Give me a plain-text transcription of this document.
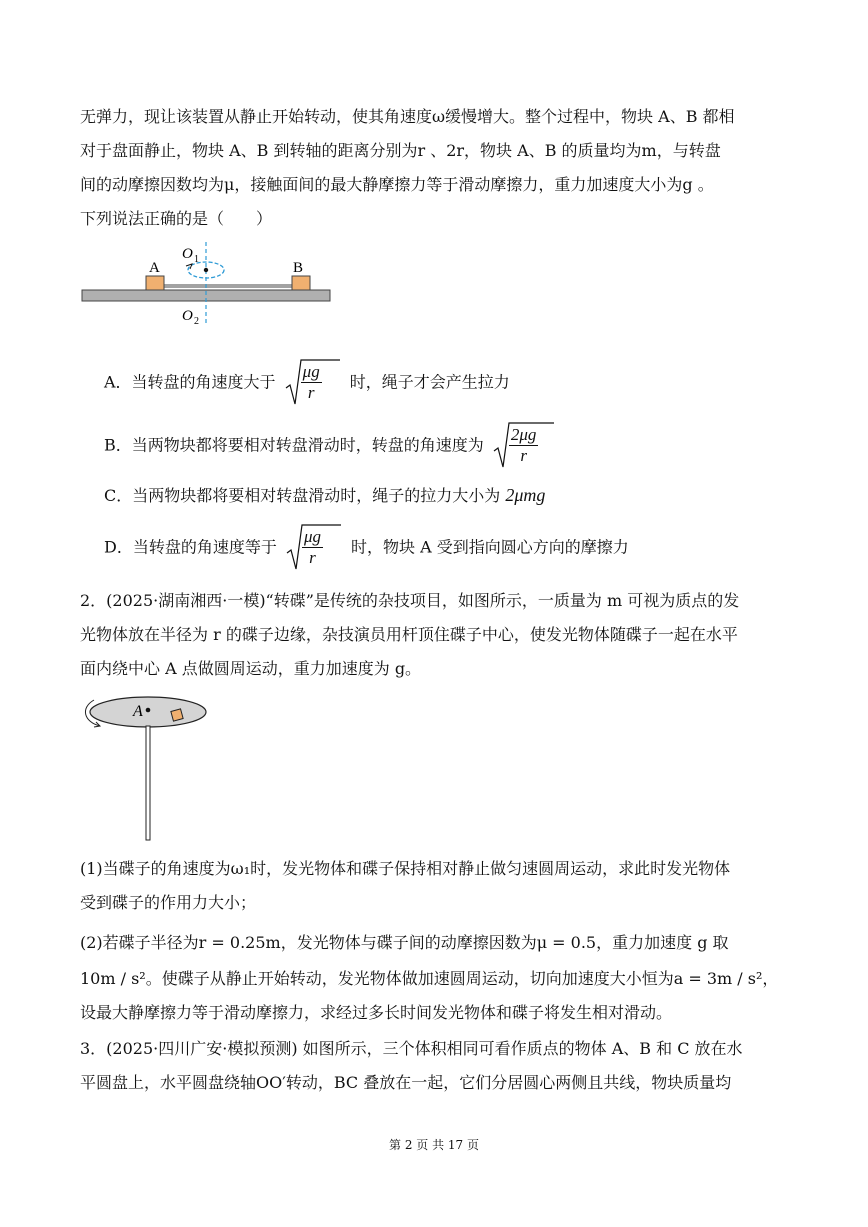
无弹力，现让该装置从静止开始转动，使其角速度ω缓慢增大。整个过程中，物块 A、B 都相
对于盘面静止，物块 A、B 到转轴的距离分别为r 、2r，物块 A、B 的质量均为m，与转盘
间的动摩擦因数均为μ，接触面间的最大静摩擦力等于滑动摩擦力，重力加速度大小为g 。
下列说法正确的是（　　）
A	B
O 1
O 2
A．当转盘的角速度大于 $\frac{\mu g}{r}$ 时，绳子才会产生拉力
B．当两物块都将要相对转盘滑动时，转盘的角速度为 $\frac{2\mu g}{r}$
C．当两物块都将要相对转盘滑动时，绳子的拉力大小为 2μmg
D．当转盘的角速度等于 $\frac{\mu g}{r}$ 时，物块 A 受到指向圆心方向的摩擦力
2．(2025·湖南湘西·一模)“转碟”是传统的杂技项目，如图所示，一质量为 m 可视为质点的发
光物体放在半径为 r 的碟子边缘，杂技演员用杆顶住碟子中心，使发光物体随碟子一起在水平
面内绕中心 A 点做圆周运动，重力加速度为 g。
A
(1)当碟子的角速度为ω₁时，发光物体和碟子保持相对静止做匀速圆周运动，求此时发光物体
受到碟子的作用力大小；
(2)若碟子半径为r = 0.25m，发光物体与碟子间的动摩擦因数为μ = 0.5，重力加速度 g 取
10m / s²。使碟子从静止开始转动，发光物体做加速圆周运动，切向加速度大小恒为a = 3m / s²，
设最大静摩擦力等于滑动摩擦力，求经过多长时间发光物体和碟子将发生相对滑动。
3．(2025·四川广安·模拟预测) 如图所示，三个体积相同可看作质点的物体 A、B 和 C 放在水
平圆盘上，水平圆盘绕轴OO′转动，BC 叠放在一起，它们分居圆心两侧且共线，物块质量均
第 2 页 共 17 页
